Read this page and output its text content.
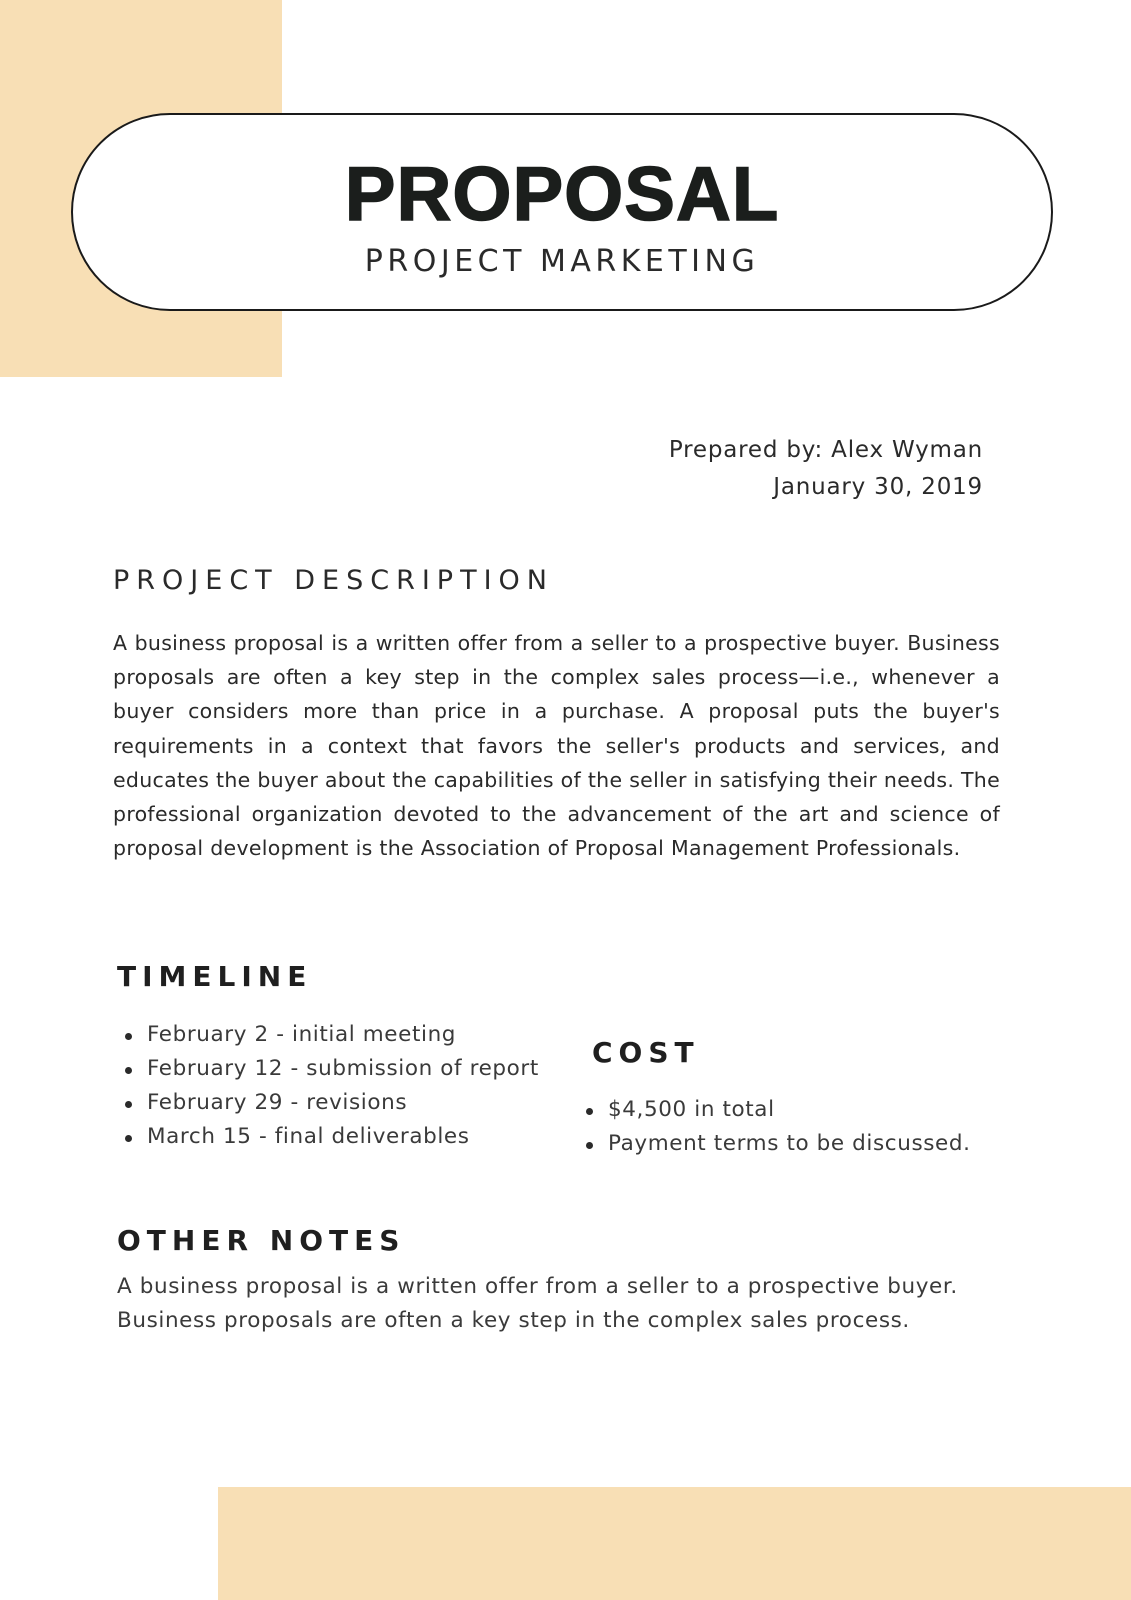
PROPOSAL
PROJECT MARKETING
Prepared by: Alex Wyman
January 30, 2019
PROJECT DESCRIPTION

A business proposal is a written offer from a seller to a prospective buyer. Business proposals are often a key step in the complex sales process—i.e., whenever a buyer considers more than price in a purchase. A proposal puts the buyer's requirements in a context that favors the seller's products and services, and educates the buyer about the capabilities of the seller in satisfying their needs. The professional organization devoted to the advancement of the art and science of proposal development is the Association of Proposal Management Professionals.

TIMELINE
February 2 - initial meeting
February 12 - submission of report
February 29 - revisions
March 15 - final deliverables
COST
$4,500 in total
Payment terms to be discussed.
OTHER NOTES

A business proposal is a written offer from a seller to a prospective buyer.
Business proposals are often a key step in the complex sales process.
